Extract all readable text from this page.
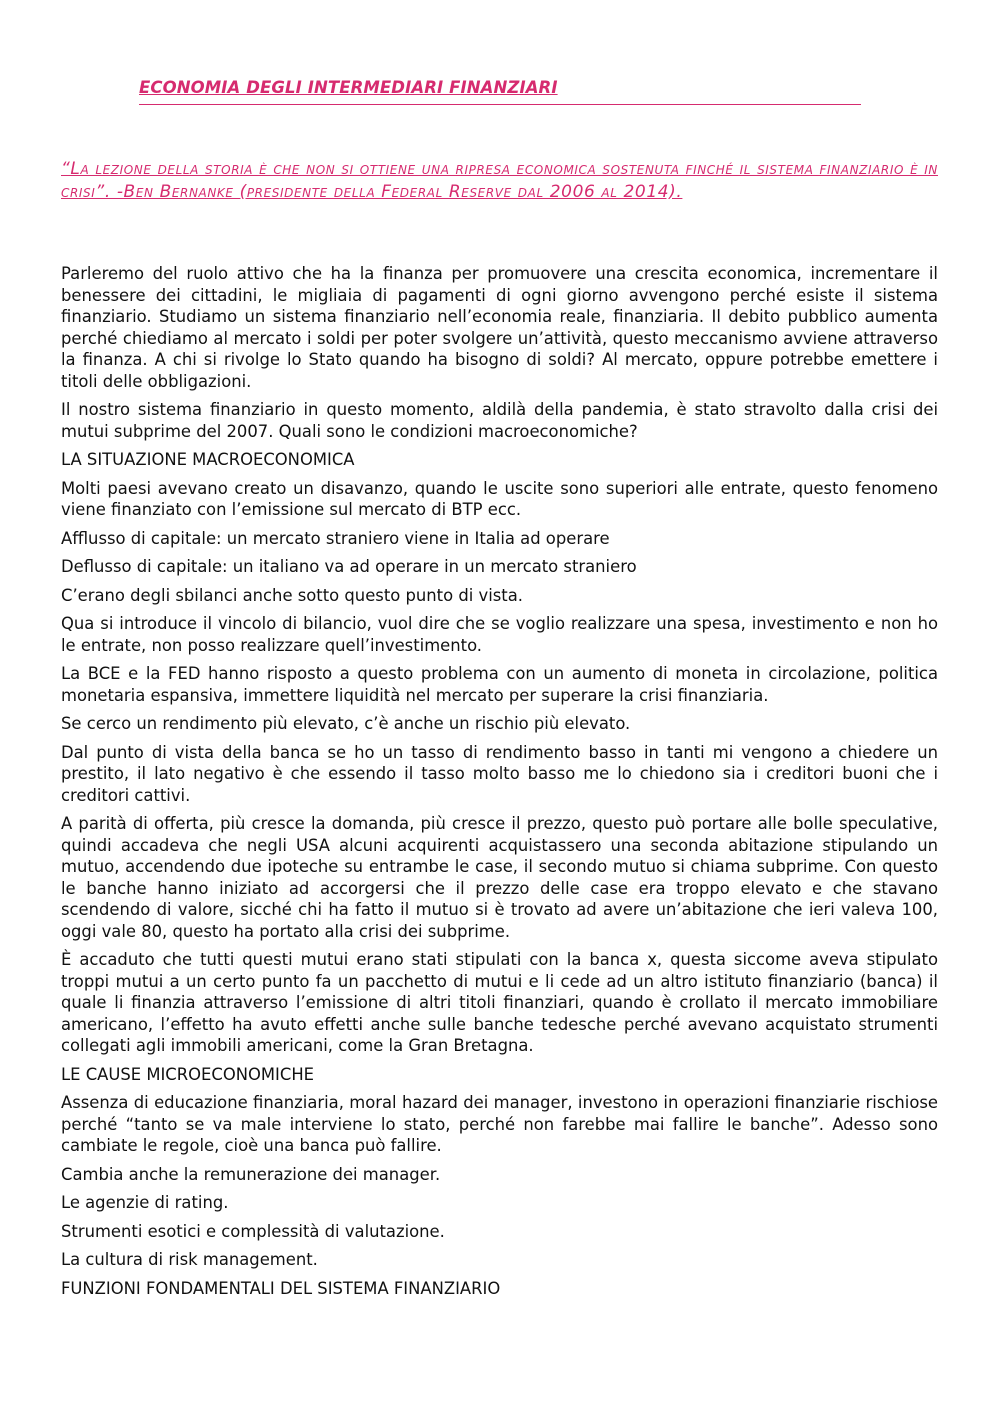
ECONOMIA DEGLI INTERMEDIARI FINANZIARI
“La lezione della storia è che non si ottiene una ripresa economica sostenuta finché il sistema finanziario è in crisi”. -Ben Bernanke (presidente della Federal Reserve dal 2006 al 2014).

Parleremo del ruolo attivo che ha la finanza per promuovere una crescita economica, incrementare il benessere dei cittadini, le migliaia di pagamenti di ogni giorno avvengono perché esiste il sistema finanziario. Studiamo un sistema finanziario nell’economia reale, finanziaria. Il debito pubblico aumenta perché chiediamo al mercato i soldi per poter svolgere un’attività, questo meccanismo avviene attraverso la finanza. A chi si rivolge lo Stato quando ha bisogno di soldi? Al mercato, oppure potrebbe emettere i titoli delle obbligazioni.

Il nostro sistema finanziario in questo momento, aldilà della pandemia, è stato stravolto dalla crisi dei mutui subprime del 2007. Quali sono le condizioni macroeconomiche?

LA SITUAZIONE MACROECONOMICA

Molti paesi avevano creato un disavanzo, quando le uscite sono superiori alle entrate, questo fenomeno viene finanziato con l’emissione sul mercato di BTP ecc.

Afflusso di capitale: un mercato straniero viene in Italia ad operare

Deflusso di capitale: un italiano va ad operare in un mercato straniero

C’erano degli sbilanci anche sotto questo punto di vista.

Qua si introduce il vincolo di bilancio, vuol dire che se voglio realizzare una spesa, investimento e non ho le entrate, non posso realizzare quell’investimento.

La BCE e la FED hanno risposto a questo problema con un aumento di moneta in circolazione, politica monetaria espansiva, immettere liquidità nel mercato per superare la crisi finanziaria.

Se cerco un rendimento più elevato, c’è anche un rischio più elevato.

Dal punto di vista della banca se ho un tasso di rendimento basso in tanti mi vengono a chiedere un prestito, il lato negativo è che essendo il tasso molto basso me lo chiedono sia i creditori buoni che i creditori cattivi.

A parità di offerta, più cresce la domanda, più cresce il prezzo, questo può portare alle bolle speculative, quindi accadeva che negli USA alcuni acquirenti acquistassero una seconda abitazione stipulando un mutuo, accendendo due ipoteche su entrambe le case, il secondo mutuo si chiama subprime. Con questo le banche hanno iniziato ad accorgersi che il prezzo delle case era troppo elevato e che stavano scendendo di valore, sicché chi ha fatto il mutuo si è trovato ad avere un’abitazione che ieri valeva 100, oggi vale 80, questo ha portato alla crisi dei subprime.

È accaduto che tutti questi mutui erano stati stipulati con la banca x, questa siccome aveva stipulato troppi mutui a un certo punto fa un pacchetto di mutui e li cede ad un altro istituto finanziario (banca) il quale li finanzia attraverso l’emissione di altri titoli finanziari, quando è crollato il mercato immobiliare americano, l’effetto ha avuto effetti anche sulle banche tedesche perché avevano acquistato strumenti collegati agli immobili americani, come la Gran Bretagna.

LE CAUSE MICROECONOMICHE

Assenza di educazione finanziaria, moral hazard dei manager, investono in operazioni finanziarie rischiose perché “tanto se va male interviene lo stato, perché non farebbe mai fallire le banche”. Adesso sono cambiate le regole, cioè una banca può fallire.

Cambia anche la remunerazione dei manager.

Le agenzie di rating.

Strumenti esotici e complessità di valutazione.

La cultura di risk management.

FUNZIONI FONDAMENTALI DEL SISTEMA FINANZIARIO
